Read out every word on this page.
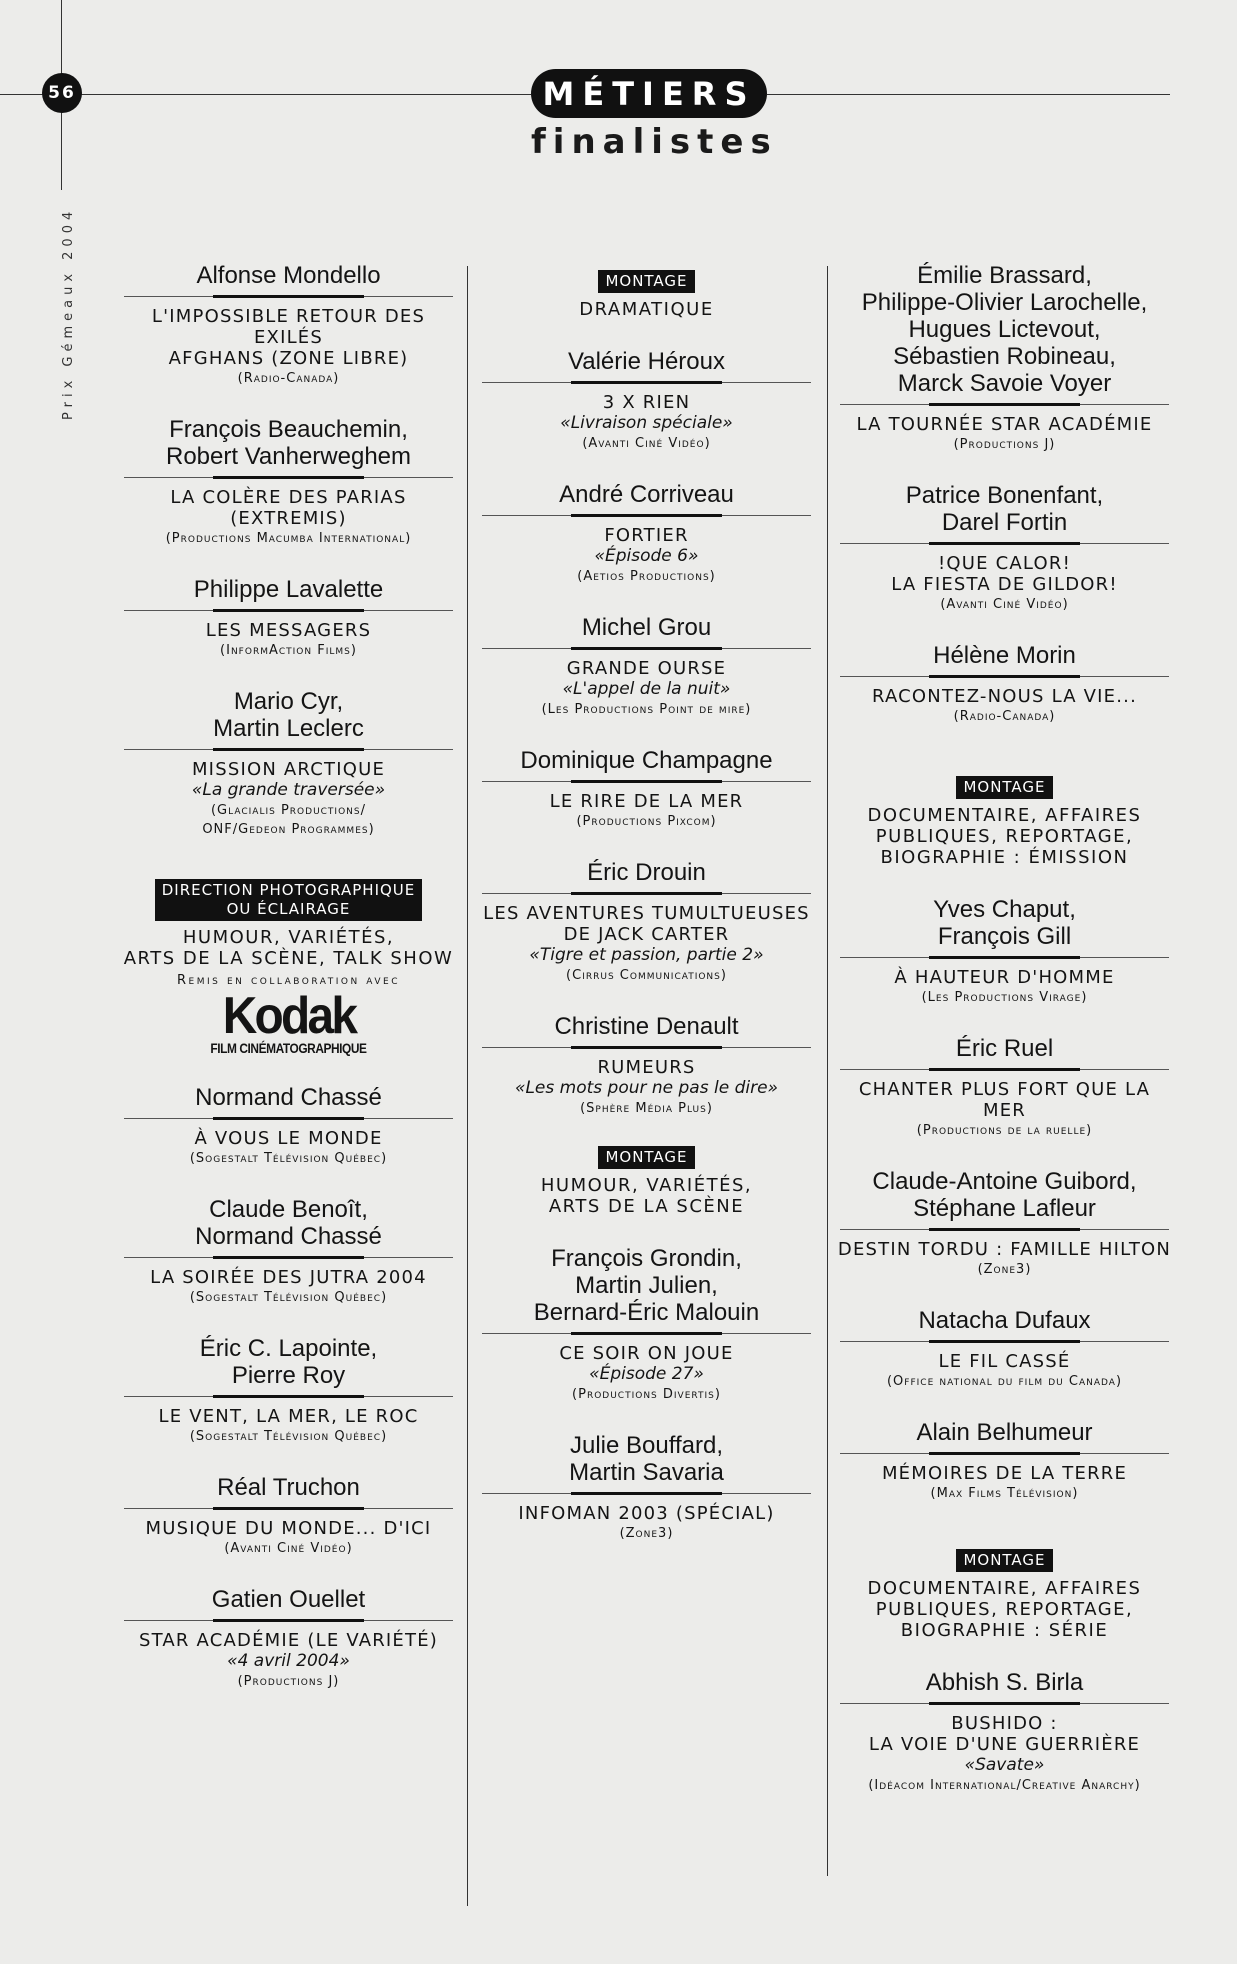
56
Prix Gémeaux 2004
MÉTIERS
finalistes
Alfonse Mondello
L'IMPOSSIBLE RETOUR DES EXILÉS
AFGHANS (ZONE LIBRE)
(Radio-Canada)
François Beauchemin,
Robert Vanherweghem
LA COLÈRE DES PARIAS
(EXTREMIS)
(Productions Macumba International)
Philippe Lavalette
LES MESSAGERS
(InformAction Films)
Mario Cyr,
Martin Leclerc
MISSION ARCTIQUE
«La grande traversée»
(Glacialis Productions/
ONF/Gedeon Programmes)
DIRECTION PHOTOGRAPHIQUE
OU ÉCLAIRAGE
HUMOUR, VARIÉTÉS,
ARTS DE LA SCÈNE, TALK SHOW
Remis en collaboration avec
Kodak
FILM CINÉMATOGRAPHIQUE
Normand Chassé
À VOUS LE MONDE
(Sogestalt Télévision Québec)
Claude Benoît,
Normand Chassé
LA SOIRÉE DES JUTRA 2004
(Sogestalt Télévision Québec)
Éric C. Lapointe,
Pierre Roy
LE VENT, LA MER, LE ROC
(Sogestalt Télévision Québec)
Réal Truchon
MUSIQUE DU MONDE... D'ICI
(Avanti Ciné Vidéo)
Gatien Ouellet
STAR ACADÉMIE (LE VARIÉTÉ)
«4 avril 2004»
(Productions J)
MONTAGE
DRAMATIQUE
Valérie Héroux
3 X RIEN
«Livraison spéciale»
(Avanti Ciné Vidéo)
André Corriveau
FORTIER
«Épisode 6»
(Aetios Productions)
Michel Grou
GRANDE OURSE
«L'appel de la nuit»
(Les Productions Point de mire)
Dominique Champagne
LE RIRE DE LA MER
(Productions Pixcom)
Éric Drouin
LES AVENTURES TUMULTUEUSES
DE JACK CARTER
«Tigre et passion, partie 2»
(Cirrus Communications)
Christine Denault
RUMEURS
«Les mots pour ne pas le dire»
(Sphère Média Plus)
MONTAGE
HUMOUR, VARIÉTÉS,
ARTS DE LA SCÈNE
François Grondin,
Martin Julien,
Bernard-Éric Malouin
CE SOIR ON JOUE
«Épisode 27»
(Productions Divertis)
Julie Bouffard,
Martin Savaria
INFOMAN 2003 (SPÉCIAL)
(Zone3)
Émilie Brassard,
Philippe-Olivier Larochelle,
Hugues Lictevout,
Sébastien Robineau,
Marck Savoie Voyer
LA TOURNÉE STAR ACADÉMIE
(Productions J)
Patrice Bonenfant,
Darel Fortin
!QUE CALOR!
LA FIESTA DE GILDOR!
(Avanti Ciné Vidéo)
Hélène Morin
RACONTEZ-NOUS LA VIE...
(Radio-Canada)
MONTAGE
DOCUMENTAIRE, AFFAIRES
PUBLIQUES, REPORTAGE,
BIOGRAPHIE : ÉMISSION
Yves Chaput,
François Gill
À HAUTEUR D'HOMME
(Les Productions Virage)
Éric Ruel
CHANTER PLUS FORT QUE LA MER
(Productions de la ruelle)
Claude-Antoine Guibord,
Stéphane Lafleur
DESTIN TORDU : FAMILLE HILTON
(Zone3)
Natacha Dufaux
LE FIL CASSÉ
(Office national du film du Canada)
Alain Belhumeur
MÉMOIRES DE LA TERRE
(Max Films Télévision)
MONTAGE
DOCUMENTAIRE, AFFAIRES
PUBLIQUES, REPORTAGE,
BIOGRAPHIE : SÉRIE
Abhish S. Birla
BUSHIDO :
LA VOIE D'UNE GUERRIÈRE
«Savate»
(Idéacom International/Creative Anarchy)
